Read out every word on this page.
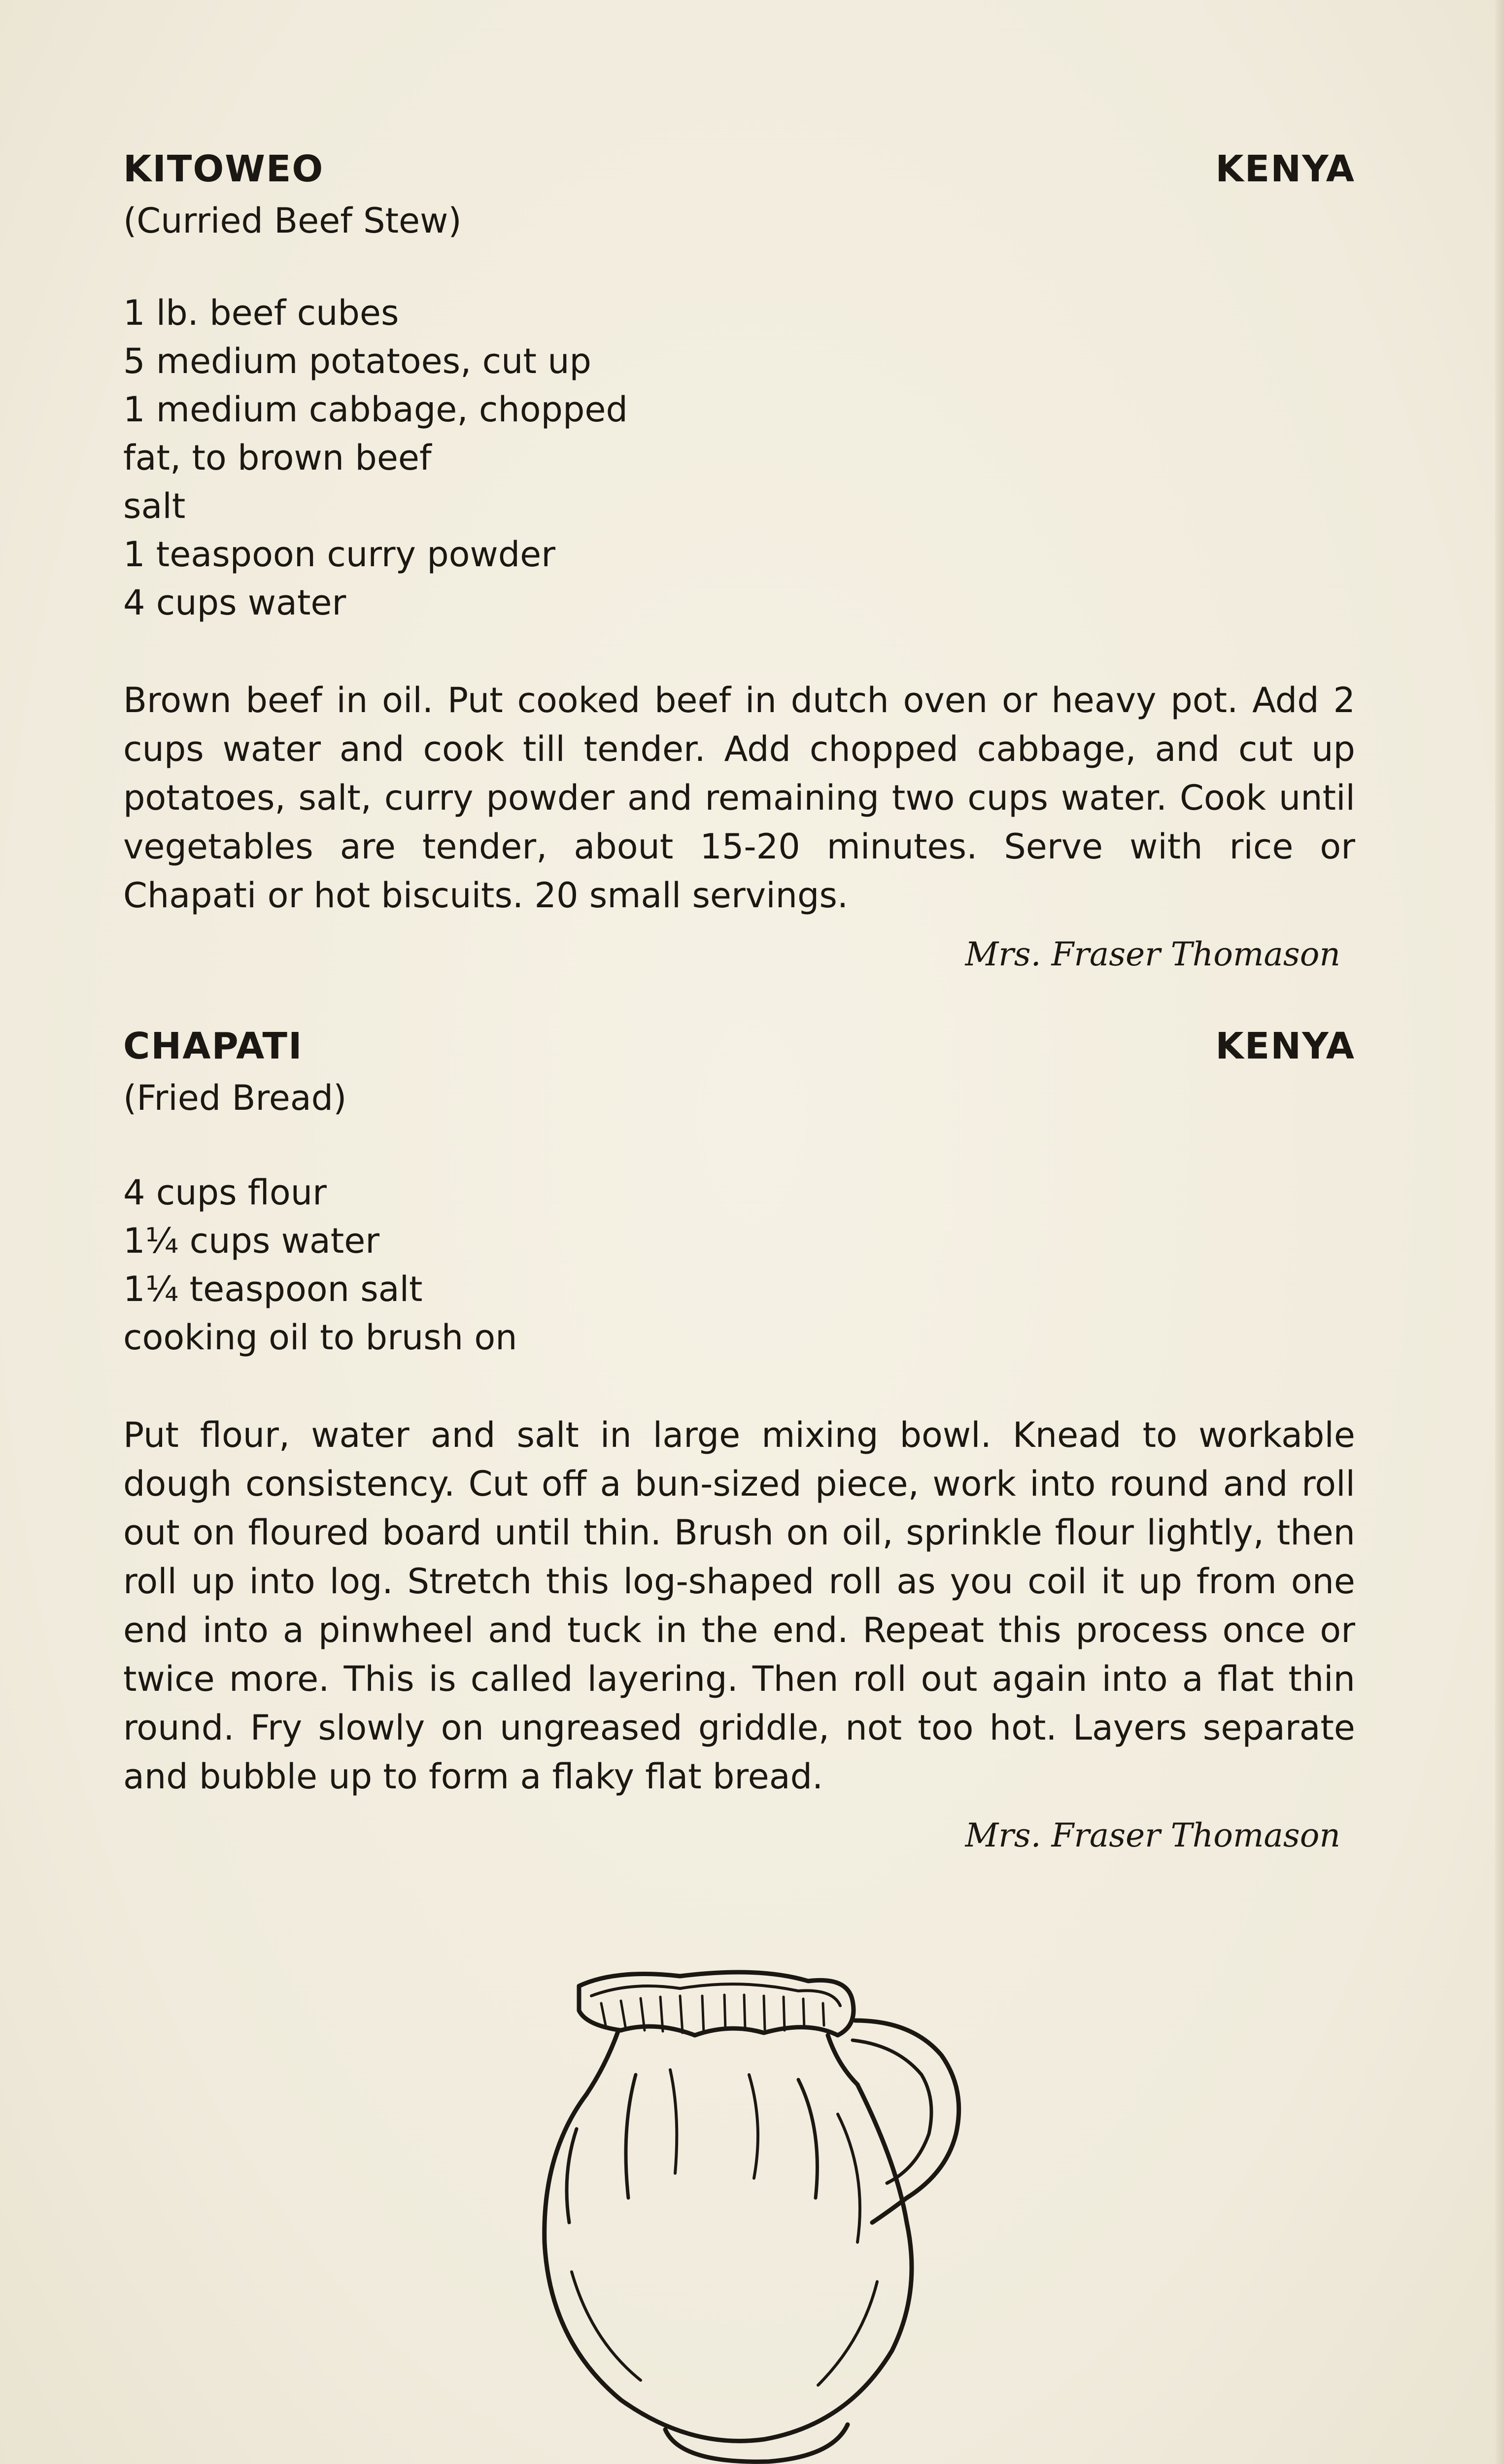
KITOWEO	KENYA
(Curried Beef Stew)
1 lb. beef cubes
5 medium potatoes, cut up
1 medium cabbage, chopped
fat, to brown beef
salt
1 teaspoon curry powder
4 cups water

Brown beef in oil. Put cooked beef in dutch oven or heavy pot. Add 2 cups water and cook till tender. Add chopped cabbage, and cut up potatoes, salt, curry powder and remaining two cups water. Cook until vegetables are tender, about 15-20 minutes. Serve with rice or Chapati or hot biscuits. 20 small servings.

Mrs. Fraser Thomason
CHAPATI	KENYA
(Fried Bread)
4 cups flour
1¼ cups water
1¼ teaspoon salt
cooking oil to brush on

Put flour, water and salt in large mixing bowl. Knead to workable dough consistency. Cut off a bun-sized piece, work into round and roll out on floured board until thin. Brush on oil, sprinkle flour lightly, then roll up into log. Stretch this log-shaped roll as you coil it up from one end into a pinwheel and tuck in the end. Repeat this process once or twice more. This is called layering. Then roll out again into a flat thin round. Fry slowly on ungreased griddle, not too hot. Layers separate and bubble up to form a flaky flat bread.

Mrs. Fraser Thomason
